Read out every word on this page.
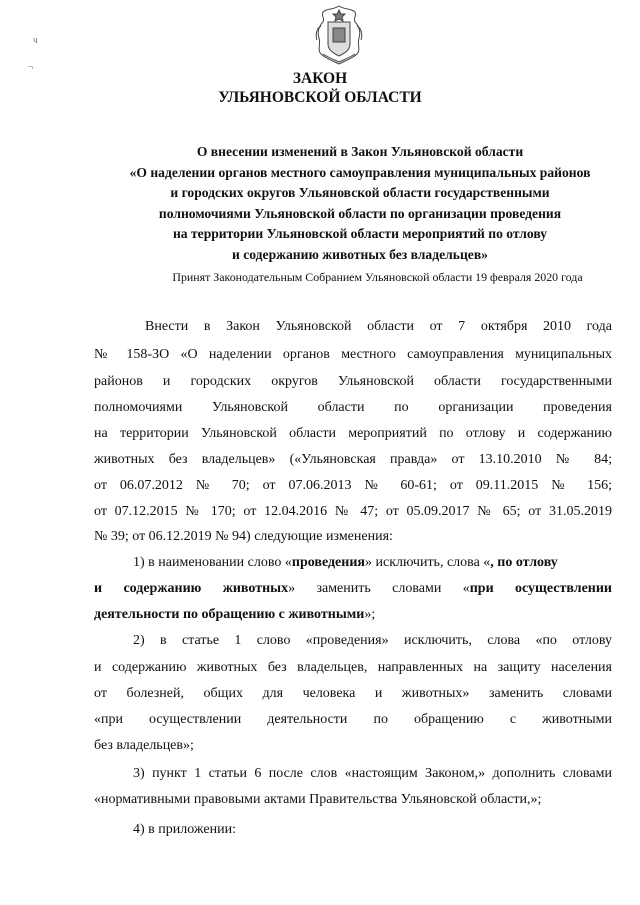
ч
¬
ЗАКОН
УЛЬЯНОВСКОЙ ОБЛАСТИ
О внесении изменений в Закон Ульяновской области
«О наделении органов местного самоуправления муниципальных районов
и городских округов Ульяновской области государственными
полномочиями Ульяновской области по организации проведения
на территории Ульяновской области мероприятий по отлову
и содержанию животных без владельцев»
Принят Законодательным Собранием Ульяновской области 19 февраля 2020 года
Внести в Закон Ульяновской области от 7 октября 2010 года
№ 158-ЗО «О наделении органов местного самоуправления муниципальных
районов и городских округов Ульяновской области государственными
полномочиями Ульяновской области по организации проведения
на территории Ульяновской области мероприятий по отлову и содержанию
животных без владельцев» («Ульяновская правда» от 13.10.2010 № 84;
от 06.07.2012 № 70; от 07.06.2013 № 60-61; от 09.11.2015 № 156;
от 07.12.2015 № 170; от 12.04.2016 № 47; от 05.09.2017 № 65; от 31.05.2019
№ 39; от 06.12.2019 № 94) следующие изменения:
1) в наименовании слово «проведения» исключить, слова «, по отлову
и содержанию животных» заменить словами «при осуществлении
деятельности по обращению с животными»;
2) в статье 1 слово «проведения» исключить, слова «по отлову
и содержанию животных без владельцев, направленных на защиту населения
от болезней, общих для человека и животных» заменить словами
«при осуществлении деятельности по обращению с животными
без владельцев»;
3) пункт 1 статьи 6 после слов «настоящим Законом,» дополнить словами
«нормативными правовыми актами Правительства Ульяновской области,»;
4) в приложении:
